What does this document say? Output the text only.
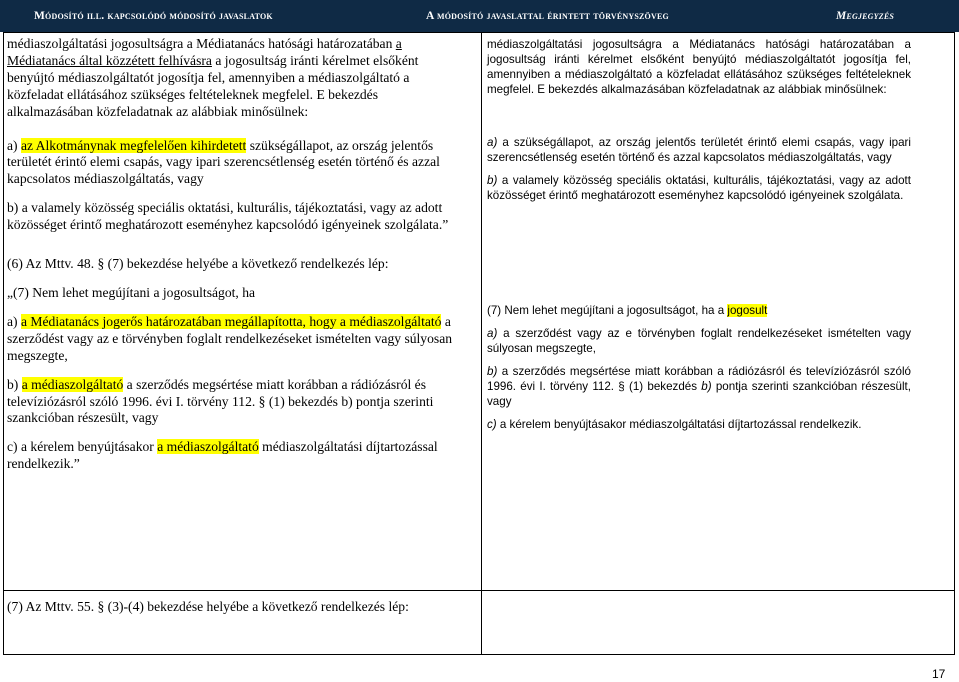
Módosító ill. kapcsolódó módosító javaslatok	A módosító javaslattal érintett törvényszöveg	Megjegyzés

médiaszolgáltatási jogosultságra a Médiatanács hatósági határozatában a Médiatanács által közzétett felhívásra a jogosultság iránti kérelmet elsőként benyújtó médiaszolgáltatót jogosítja fel, amennyiben a médiaszolgáltató a közfeladat ellátásához szükséges feltételeknek megfelel. E bekezdés alkalmazásában közfeladatnak az alábbiak minősülnek:

a) az Alkotmánynak megfelelően kihirdetett szükségállapot, az ország jelentős területét érintő elemi csapás, vagy ipari szerencsétlenség esetén történő és azzal kapcsolatos médiaszolgáltatás, vagy

b) a valamely közösség speciális oktatási, kulturális, tájékoztatási, vagy az adott közösséget érintő meghatározott eseményhez kapcsolódó igényeinek szolgálata.”

(6) Az Mttv. 48. § (7) bekezdése helyébe a következő rendelkezés lép:

„(7) Nem lehet megújítani a jogosultságot, ha

a) a Médiatanács jogerős határozatában megállapította, hogy a médiaszolgáltató a szerződést vagy az e törvényben foglalt rendelkezéseket ismételten vagy súlyosan megszegte,

b) a médiaszolgáltató a szerződés megsértése miatt korábban a rádiózásról és televíziózásról szóló 1996. évi I. törvény 112. § (1) bekezdés b) pontja szerinti szankcióban részesült, vagy

c) a kérelem benyújtásakor a médiaszolgáltató médiaszolgáltatási díjtartozással rendelkezik.”

(7) Az Mttv. 55. § (3)-(4) bekezdése helyébe a következő rendelkezés lép:

médiaszolgáltatási jogosultságra a Médiatanács hatósági határozatában a jogosultság iránti kérelmet elsőként benyújtó médiaszolgáltatót jogosítja fel, amennyiben a médiaszolgáltató a közfeladat ellátásához szükséges feltételeknek megfelel. E bekezdés alkalmazásában közfeladatnak az alábbiak minősülnek:

a) a szükségállapot, az ország jelentős területét érintő elemi csapás, vagy ipari szerencsétlenség esetén történő és azzal kapcsolatos médiaszolgáltatás, vagy

b) a valamely közösség speciális oktatási, kulturális, tájékoztatási, vagy az adott közösséget érintő meghatározott eseményhez kapcsolódó igényeinek szolgálata.

(7) Nem lehet megújítani a jogosultságot, ha a jogosult

a) a szerződést vagy az e törvényben foglalt rendelkezéseket ismételten vagy súlyosan megszegte,

b) a szerződés megsértése miatt korábban a rádiózásról és televíziózásról szóló 1996. évi I. törvény 112. § (1) bekezdés b) pontja szerinti szankcióban részesült, vagy

c) a kérelem benyújtásakor médiaszolgáltatási díjtartozással rendelkezik.

17
